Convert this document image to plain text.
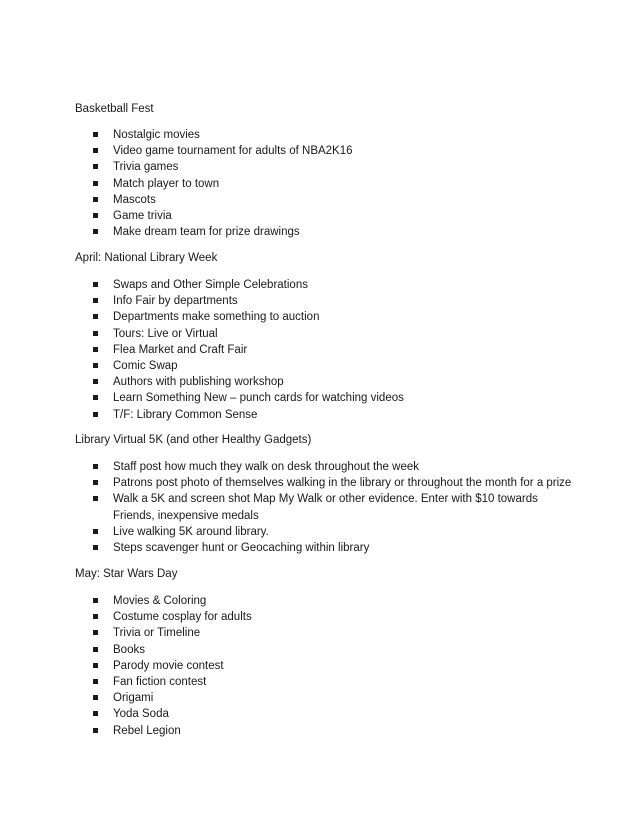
Basketball Fest
Nostalgic movies
Video game tournament for adults of NBA2K16
Trivia games
Match player to town
Mascots
Game trivia
Make dream team for prize drawings
April: National Library Week
Swaps and Other Simple Celebrations
Info Fair by departments
Departments make something to auction
Tours: Live or Virtual
Flea Market and Craft Fair
Comic Swap
Authors with publishing workshop
Learn Something New – punch cards for watching videos
T/F: Library Common Sense
Library Virtual 5K (and other Healthy Gadgets)
Staff post how much they walk on desk throughout the week
Patrons post photo of themselves walking in the library or throughout the month for a prize
Walk a 5K and screen shot Map My Walk or other evidence. Enter with $10 towards Friends, inexpensive medals
Live walking 5K around library.
Steps scavenger hunt or Geocaching within library
May: Star Wars Day
Movies & Coloring
Costume cosplay for adults
Trivia or Timeline
Books
Parody movie contest
Fan fiction contest
Origami
Yoda Soda
Rebel Legion
